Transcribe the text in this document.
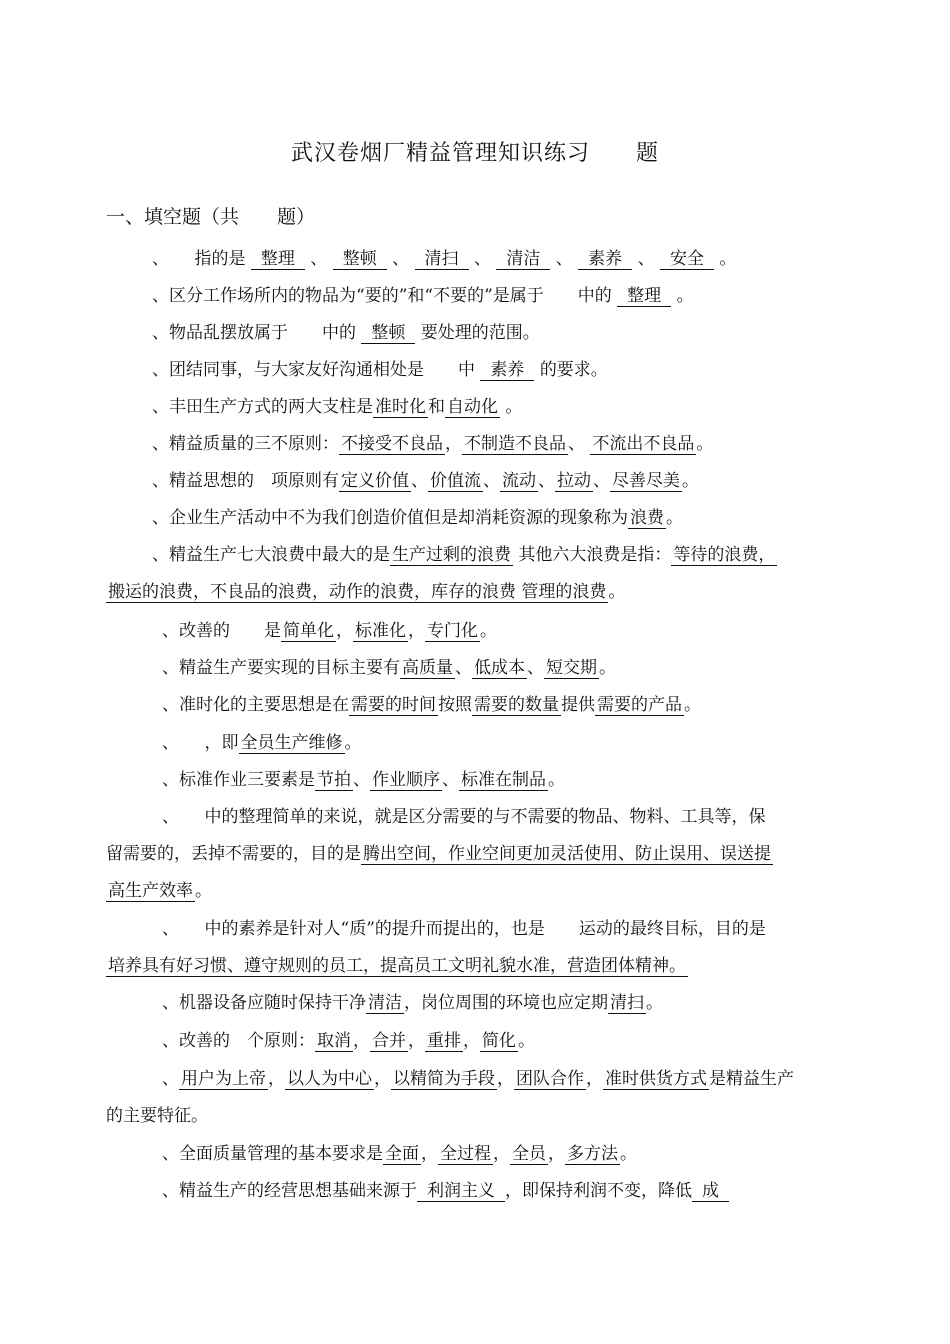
武汉卷烟厂精益管理知识练习　　题
一、填空题（共　　题）
、　　指的是 整理 、 整顿 、 清扫 、 清洁 、 素养 、 安全 。
、区分工作场所内的物品为“要的”和“不要的”是属于　　中的 整理 。
、物品乱摆放属于　　中的 整顿 要处理的范围。
、团结同事，与大家友好沟通相处是　　中 素养 的要求。
、丰田生产方式的两大支柱是 准时化 和 自动化 。
、精益质量的三不原则： 不接受不良品 ， 不制造不良品 、 不流出不良品 。
、精益思想的　项原则有 定义价值 、 价值流 、 流动 、 拉动 、 尽善尽美 。
、企业生产活动中不为我们创造价值但是却消耗资源的现象称为 浪费 。
、精益生产七大浪费中最大的是 生产过剩的浪费 其他六大浪费是指： 等待的浪费，
搬运的浪费，不良品的浪费，动作的浪费，库存的浪费 管理的浪费 。
、改善的　　是 简单化 ， 标准化 ， 专门化 。
、精益生产要实现的目标主要有 高质量 、 低成本 、 短交期 。
、准时化的主要思想是在 需要的时间 按照 需要的数量 提供 需要的产品 。
、　　，即 全员生产维修 。
、标准作业三要素是 节拍 、 作业顺序 、 标准在制品 。
、　　中的整理简单的来说，就是区分需要的与不需要的物品、物料、工具等，保
留需要的，丢掉不需要的，目的是 腾出空间，作业空间更加灵活使用、防止误用、误送提
高生产效率 。
、　　中的素养是针对人“质”的提升而提出的，也是　　运动的最终目标，目的是
培养具有好习惯、遵守规则的员工，提高员工文明礼貌水准，营造团体精神。
、机器设备应随时保持干净 清洁 ，岗位周围的环境也应定期 清扫 。
、改善的　个原则： 取消 ， 合并 ， 重排 ， 简化 。
、 用户为上帝 ， 以人为中心 ， 以精简为手段 ， 团队合作 ， 准时供货方式 是精益生产
的主要特征。
、全面质量管理的基本要求是 全面 ， 全过程 ， 全员 ， 多方法 。
、精益生产的经营思想基础来源于 利润主义 ，即保持利润不变，降低 成
